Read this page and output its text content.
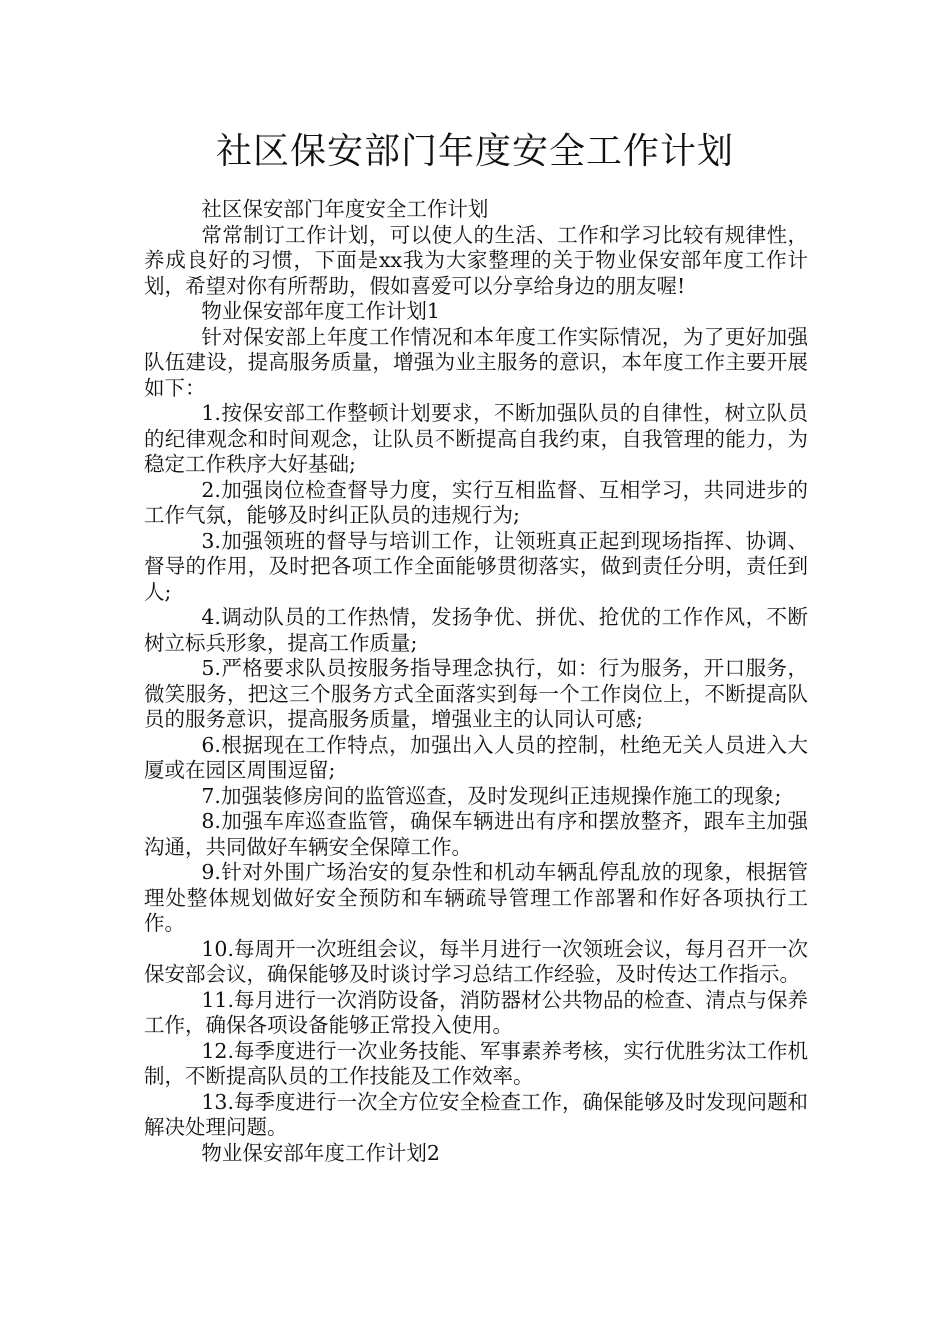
社区保安部门年度安全工作计划

社区保安部门年度安全工作计划

常常制订工作计划，可以使人的生活、工作和学习比较有规律性，养成良好的习惯，下面是xx我为大家整理的关于物业保安部年度工作计划，希望对你有所帮助，假如喜爱可以分享给身边的朋友喔!

物业保安部年度工作计划1

针对保安部上年度工作情况和本年度工作实际情况，为了更好加强队伍建设，提高服务质量，增强为业主服务的意识，本年度工作主要开展如下：

1.按保安部工作整顿计划要求，不断加强队员的自律性，树立队员的纪律观念和时间观念，让队员不断提高自我约束，自我管理的能力，为稳定工作秩序大好基础;

2.加强岗位检查督导力度，实行互相监督、互相学习，共同进步的工作气氛，能够及时纠正队员的违规行为;

3.加强领班的督导与培训工作，让领班真正起到现场指挥、协调、督导的作用，及时把各项工作全面能够贯彻落实，做到责任分明，责任到人;

4.调动队员的工作热情，发扬争优、拼优、抢优的工作作风，不断树立标兵形象，提高工作质量;

5.严格要求队员按服务指导理念执行，如：行为服务，开口服务，微笑服务，把这三个服务方式全面落实到每一个工作岗位上，不断提高队员的服务意识，提高服务质量，增强业主的认同认可感;

6.根据现在工作特点，加强出入人员的控制，杜绝无关人员进入大厦或在园区周围逗留;

7.加强装修房间的监管巡查，及时发现纠正违规操作施工的现象;

8.加强车库巡查监管，确保车辆进出有序和摆放整齐，跟车主加强沟通，共同做好车辆安全保障工作。

9.针对外围广场治安的复杂性和机动车辆乱停乱放的现象，根据管理处整体规划做好安全预防和车辆疏导管理工作部署和作好各项执行工作。

10.每周开一次班组会议，每半月进行一次领班会议，每月召开一次保安部会议，确保能够及时谈讨学习总结工作经验，及时传达工作指示。

11.每月进行一次消防设备，消防器材公共物品的检查、清点与保养工作，确保各项设备能够正常投入使用。

12.每季度进行一次业务技能、军事素养考核，实行优胜劣汰工作机制，不断提高队员的工作技能及工作效率。

13.每季度进行一次全方位安全检查工作，确保能够及时发现问题和解决处理问题。

物业保安部年度工作计划2
